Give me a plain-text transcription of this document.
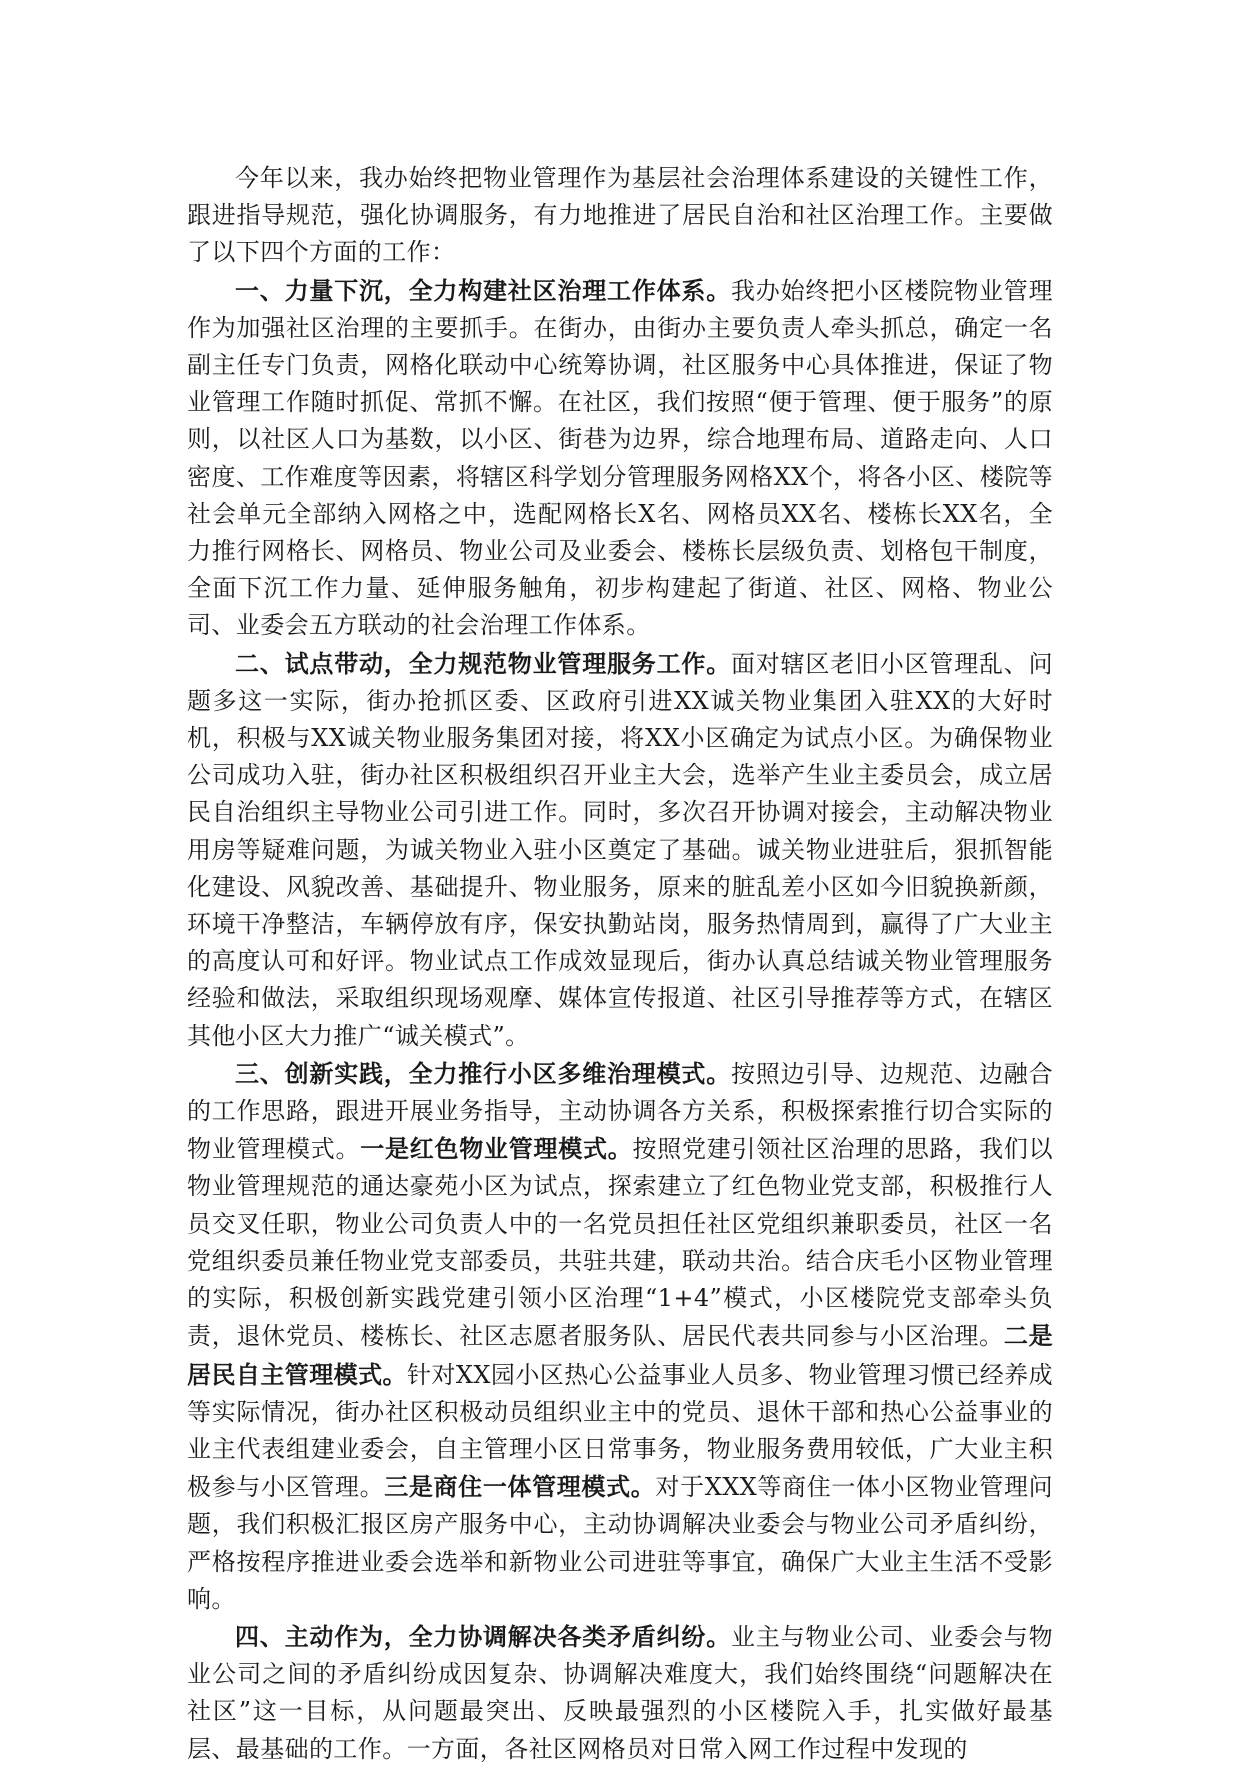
今年以来，我办始终把物业管理作为基层社会治理体系建设的关键性工作，跟进指导规范，强化协调服务，有力地推进了居民自治和社区治理工作。主要做了以下四个方面的工作：

一、力量下沉，全力构建社区治理工作体系。我办始终把小区楼院物业管理作为加强社区治理的主要抓手。在街办，由街办主要负责人牵头抓总，确定一名副主任专门负责，网格化联动中心统筹协调，社区服务中心具体推进，保证了物业管理工作随时抓促、常抓不懈。在社区，我们按照“便于管理、便于服务”的原则，以社区人口为基数，以小区、街巷为边界，综合地理布局、道路走向、人口密度、工作难度等因素，将辖区科学划分管理服务网格XX个，将各小区、楼院等社会单元全部纳入网格之中，选配网格长X名、网格员XX名、楼栋长XX名，全力推行网格长、网格员、物业公司及业委会、楼栋长层级负责、划格包干制度，全面下沉工作力量、延伸服务触角，初步构建起了街道、社区、网格、物业公司、业委会五方联动的社会治理工作体系。

二、试点带动，全力规范物业管理服务工作。面对辖区老旧小区管理乱、问题多这一实际，街办抢抓区委、区政府引进XX诚关物业集团入驻XX的大好时机，积极与XX诚关物业服务集团对接，将XX小区确定为试点小区。为确保物业公司成功入驻，街办社区积极组织召开业主大会，选举产生业主委员会，成立居民自治组织主导物业公司引进工作。同时，多次召开协调对接会，主动解决物业用房等疑难问题，为诚关物业入驻小区奠定了基础。诚关物业进驻后，狠抓智能化建设、风貌改善、基础提升、物业服务，原来的脏乱差小区如今旧貌换新颜，环境干净整洁，车辆停放有序，保安执勤站岗，服务热情周到，赢得了广大业主的高度认可和好评。物业试点工作成效显现后，街办认真总结诚关物业管理服务经验和做法，采取组织现场观摩、媒体宣传报道、社区引导推荐等方式，在辖区其他小区大力推广“诚关模式”。

三、创新实践，全力推行小区多维治理模式。按照边引导、边规范、边融合的工作思路，跟进开展业务指导，主动协调各方关系，积极探索推行切合实际的物业管理模式。一是红色物业管理模式。按照党建引领社区治理的思路，我们以物业管理规范的通达豪苑小区为试点，探索建立了红色物业党支部，积极推行人员交叉任职，物业公司负责人中的一名党员担任社区党组织兼职委员，社区一名党组织委员兼任物业党支部委员，共驻共建，联动共治。结合庆毛小区物业管理的实际，积极创新实践党建引领小区治理“1+4”模式，小区楼院党支部牵头负责，退休党员、楼栋长、社区志愿者服务队、居民代表共同参与小区治理。二是居民自主管理模式。针对XX园小区热心公益事业人员多、物业管理习惯已经养成等实际情况，街办社区积极动员组织业主中的党员、退休干部和热心公益事业的业主代表组建业委会，自主管理小区日常事务，物业服务费用较低，广大业主积极参与小区管理。三是商住一体管理模式。对于XXX等商住一体小区物业管理问题，我们积极汇报区房产服务中心，主动协调解决业委会与物业公司矛盾纠纷，严格按程序推进业委会选举和新物业公司进驻等事宜，确保广大业主生活不受影响。

四、主动作为，全力协调解决各类矛盾纠纷。业主与物业公司、业委会与物业公司之间的矛盾纠纷成因复杂、协调解决难度大，我们始终围绕“问题解决在社区”这一目标，从问题最突出、反映最强烈的小区楼院入手，扎实做好最基层、最基础的工作。一方面，各社区网格员对日常入网工作过程中发现的
